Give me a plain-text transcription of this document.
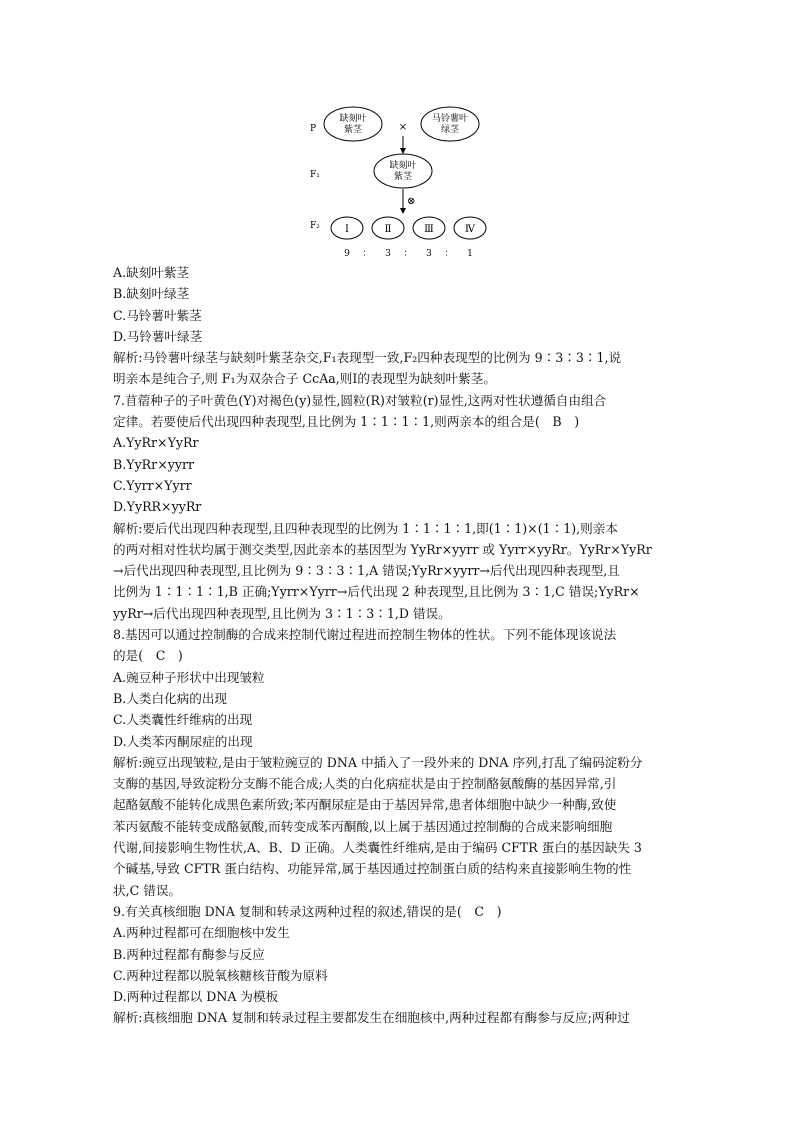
P
F₁
F₂
缺刻叶
紫茎	×
马铃薯叶
绿茎
缺刻叶
紫茎
⊗
Ⅰ	Ⅱ	Ⅲ	Ⅳ
9 ： 3 ： 3 ： 1
A.缺刻叶紫茎
B.缺刻叶绿茎
C.马铃薯叶紫茎
D.马铃薯叶绿茎
解析:马铃薯叶绿茎与缺刻叶紫茎杂交,F₁表现型一致,F₂四种表现型的比例为 9∶3∶3∶1,说
明亲本是纯合子,则 F₁为双杂合子 CcAa,则Ⅰ的表现型为缺刻叶紫茎。
7.苜蓿种子的子叶黄色(Y)对褐色(y)显性,圆粒(R)对皱粒(r)显性,这两对性状遵循自由组合
定律。若要使后代出现四种表现型,且比例为 1∶1∶1∶1,则两亲本的组合是(　B　)
A.YyRr×YyRr
B.YyRr×yyrr
C.Yyrr×Yyrr
D.YyRR×yyRr
解析:要后代出现四种表现型,且四种表现型的比例为 1∶1∶1∶1,即(1∶1)×(1∶1),则亲本
的两对相对性状均属于测交类型,因此亲本的基因型为 YyRr×yyrr 或 Yyrr×yyRr。YyRr×YyRr
→后代出现四种表现型,且比例为 9∶3∶3∶1,A 错误;YyRr×yyrr→后代出现四种表现型,且
比例为 1∶1∶1∶1,B 正确;Yyrr×Yyrr→后代出现 2 种表现型,且比例为 3∶1,C 错误;YyRr×
yyRr→后代出现四种表现型,且比例为 3∶1∶3∶1,D 错误。
8.基因可以通过控制酶的合成来控制代谢过程进而控制生物体的性状。下列不能体现该说法
的是(　C　)
A.豌豆种子形状中出现皱粒
B.人类白化病的出现
C.人类囊性纤维病的出现
D.人类苯丙酮尿症的出现
解析:豌豆出现皱粒,是由于皱粒豌豆的 DNA 中插入了一段外来的 DNA 序列,打乱了编码淀粉分
支酶的基因,导致淀粉分支酶不能合成;人类的白化病症状是由于控制酪氨酸酶的基因异常,引
起酪氨酸不能转化成黑色素所致;苯丙酮尿症是由于基因异常,患者体细胞中缺少一种酶,致使
苯丙氨酸不能转变成酪氨酸,而转变成苯丙酮酸,以上属于基因通过控制酶的合成来影响细胞
代谢,间接影响生物性状,A、B、D 正确。人类囊性纤维病,是由于编码 CFTR 蛋白的基因缺失 3
个碱基,导致 CFTR 蛋白结构、功能异常,属于基因通过控制蛋白质的结构来直接影响生物的性
状,C 错误。
9.有关真核细胞 DNA 复制和转录这两种过程的叙述,错误的是(　C　)
A.两种过程都可在细胞核中发生
B.两种过程都有酶参与反应
C.两种过程都以脱氧核糖核苷酸为原料
D.两种过程都以 DNA 为模板
解析:真核细胞 DNA 复制和转录过程主要都发生在细胞核中,两种过程都有酶参与反应;两种过
